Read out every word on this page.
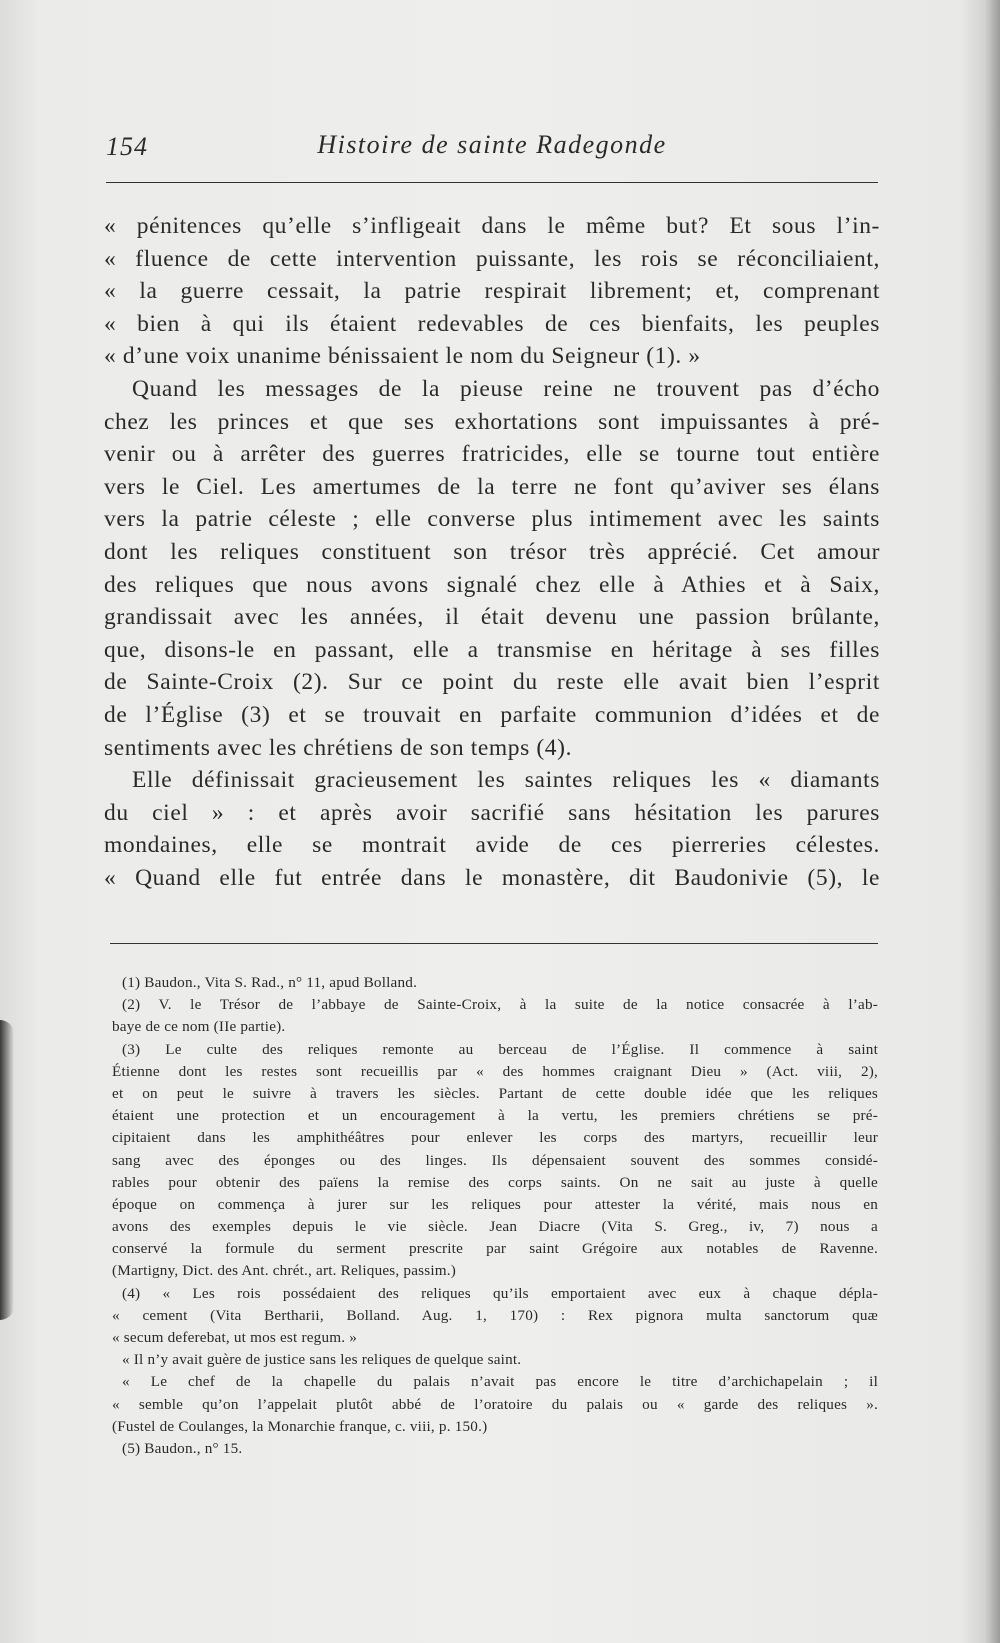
154	Histoire de sainte Radegonde
« pénitences qu’elle s’infligeait dans le même but? Et sous l’in-
« fluence de cette intervention puissante, les rois se réconciliaient,
« la guerre cessait, la patrie respirait librement; et, comprenant
« bien à qui ils étaient redevables de ces bienfaits, les peuples
« d’une voix unanime bénissaient le nom du Seigneur (1). »
Quand les messages de la pieuse reine ne trouvent pas d’écho
chez les princes et que ses exhortations sont impuissantes à pré-
venir ou à arrêter des guerres fratricides, elle se tourne tout entière
vers le Ciel. Les amertumes de la terre ne font qu’aviver ses élans
vers la patrie céleste ; elle converse plus intimement avec les saints
dont les reliques constituent son trésor très apprécié. Cet amour
des reliques que nous avons signalé chez elle à Athies et à Saix,
grandissait avec les années, il était devenu une passion brûlante,
que, disons-le en passant, elle a transmise en héritage à ses filles
de Sainte-Croix (2). Sur ce point du reste elle avait bien l’esprit
de l’Église (3) et se trouvait en parfaite communion d’idées et de
sentiments avec les chrétiens de son temps (4).
Elle définissait gracieusement les saintes reliques les « diamants
du ciel » : et après avoir sacrifié sans hésitation les parures
mondaines, elle se montrait avide de ces pierreries célestes.
« Quand elle fut entrée dans le monastère, dit Baudonivie (5), le
(1) Baudon., Vita S. Rad., n° 11, apud Bolland.
(2) V. le Trésor de l’abbaye de Sainte-Croix, à la suite de la notice consacrée à l’ab-
baye de ce nom (IIe partie).
(3) Le culte des reliques remonte au berceau de l’Église. Il commence à saint
Étienne dont les restes sont recueillis par « des hommes craignant Dieu » (Act. viii, 2),
et on peut le suivre à travers les siècles. Partant de cette double idée que les reliques
étaient une protection et un encouragement à la vertu, les premiers chrétiens se pré-
cipitaient dans les amphithéâtres pour enlever les corps des martyrs, recueillir leur
sang avec des éponges ou des linges. Ils dépensaient souvent des sommes considé-
rables pour obtenir des païens la remise des corps saints. On ne sait au juste à quelle
époque on commença à jurer sur les reliques pour attester la vérité, mais nous en
avons des exemples depuis le vie siècle. Jean Diacre (Vita S. Greg., iv, 7) nous a
conservé la formule du serment prescrite par saint Grégoire aux notables de Ravenne.
(Martigny, Dict. des Ant. chrét., art. Reliques, passim.)
(4) « Les rois possédaient des reliques qu’ils emportaient avec eux à chaque dépla-
« cement (Vita Bertharii, Bolland. Aug. 1, 170) : Rex pignora multa sanctorum quæ
« secum deferebat, ut mos est regum. »
« Il n’y avait guère de justice sans les reliques de quelque saint.
« Le chef de la chapelle du palais n’avait pas encore le titre d’archichapelain ; il
« semble qu’on l’appelait plutôt abbé de l’oratoire du palais ou « garde des reliques ».
(Fustel de Coulanges, la Monarchie franque, c. viii, p. 150.)
(5) Baudon., n° 15.
